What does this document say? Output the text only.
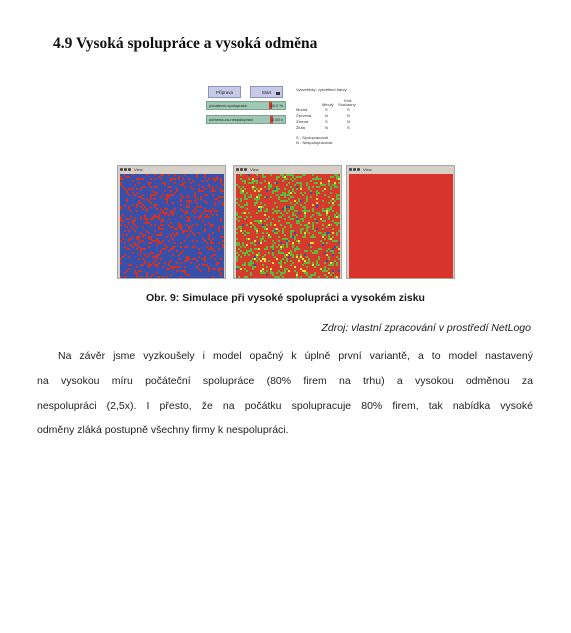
4.9 Vysoká spolupráce a vysoká odměna
Příprava	Start
pocatecni-spoluprace	80.0 %
odmena-za-nespolupraci	2.50 x
Vysvetlivky: vysvětlení barvy:
Kód:
Minulý Současný
Modrá	S	S
Červená	N	N
Zelená	S	N
Žlutá	N	S
S - Spolupracovat
N - Nespolupracovat
View	View	View
Obr. 9: Simulace při vysoké spolupráci a vysokém zisku
Zdroj: vlastní zpracování v prostředí NetLogo
Na závěr jsme vyzkoušely i model opačný k úplně první variantě, a to model nastavený
na vysokou míru počáteční spolupráce (80% firem na trhu) a vysokou odměnou za
nespolupráci (2,5x). I přesto, že na počátku spolupracuje 80% firem, tak nabídka vysoké
odměny zláká postupně všechny firmy k nespolupráci.
